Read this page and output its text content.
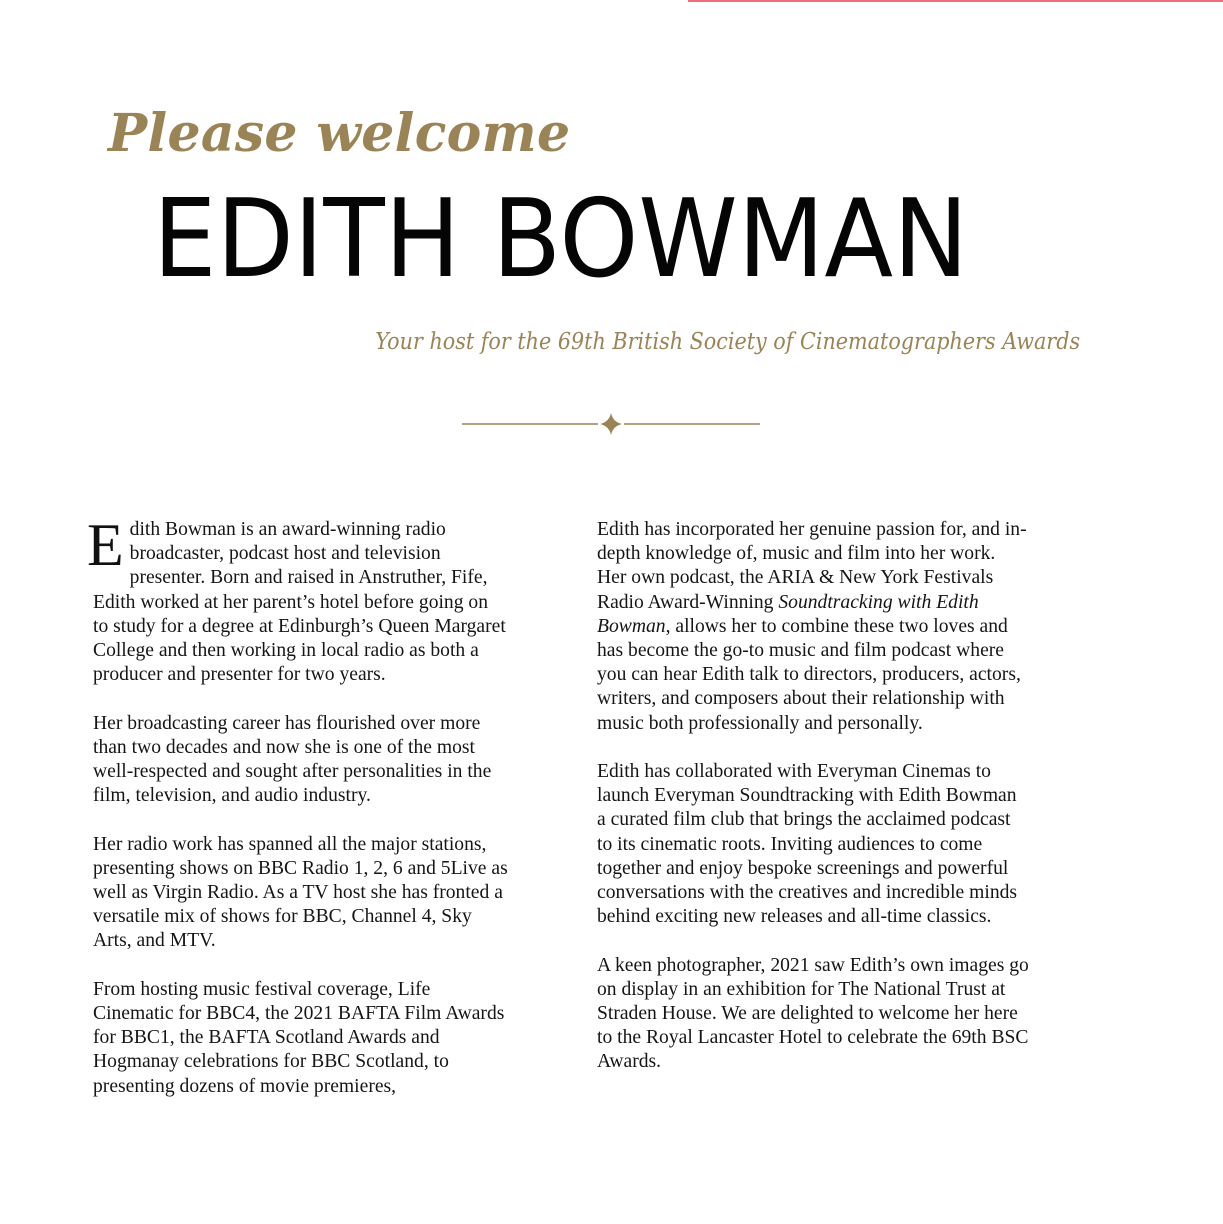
Please welcome
EDITH BOWMAN

Your host for the 69th British Society of Cinematographers Awards

Edith Bowman is an award-winning radio broadcaster, podcast host and television presenter. Born and raised in Anstruther, Fife, Edith worked at her parent’s hotel before going on to study for a degree at Edinburgh’s Queen Margaret College and then working in local radio as both a producer and presenter for two years.

Her broadcasting career has flourished over more than two decades and now she is one of the most well-respected and sought after personalities in the film, television, and audio industry.

Her radio work has spanned all the major stations, presenting shows on BBC Radio 1, 2, 6 and 5Live as well as Virgin Radio. As a TV host she has fronted a versatile mix of shows for BBC, Channel 4, Sky Arts, and MTV.

From hosting music festival coverage, Life Cinematic for BBC4, the 2021 BAFTA Film Awards for BBC1, the BAFTA Scotland Awards and Hogmanay celebrations for BBC Scotland, to presenting dozens of movie premieres,

Edith has incorporated her genuine passion for, and in-depth knowledge of, music and film into her work. Her own podcast, the ARIA & New York Festivals Radio Award-Winning Soundtracking with Edith Bowman, allows her to combine these two loves and has become the go-to music and film podcast where you can hear Edith talk to directors, producers, actors, writers, and composers about their relationship with music both professionally and personally.

Edith has collaborated with Everyman Cinemas to launch Everyman Soundtracking with Edith Bowman a curated film club that brings the acclaimed podcast to its cinematic roots. Inviting audiences to come together and enjoy bespoke screenings and powerful conversations with the creatives and incredible minds behind exciting new releases and all-time classics.

A keen photographer, 2021 saw Edith’s own images go on display in an exhibition for The National Trust at Straden House. We are delighted to welcome her here to the Royal Lancaster Hotel to celebrate the 69th BSC Awards.
